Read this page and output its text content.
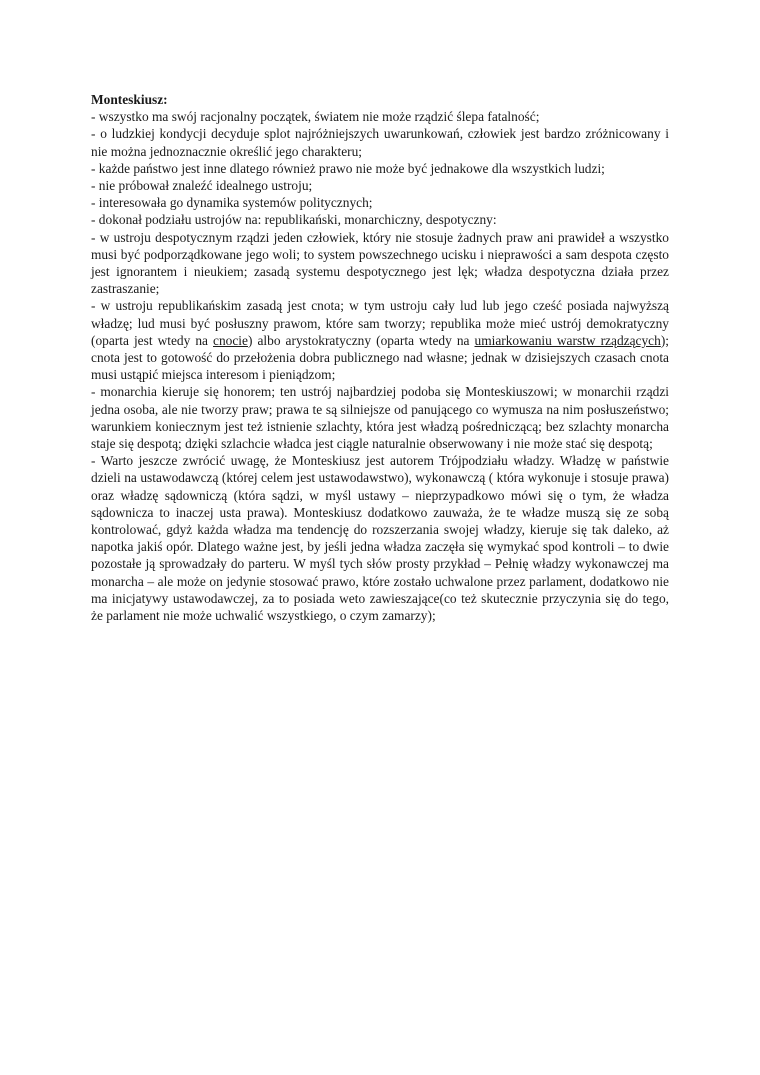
Monteskiusz:

- wszystko ma swój racjonalny początek, światem nie może rządzić ślepa fatalność;

- o ludzkiej kondycji decyduje splot najróżniejszych uwarunkowań, człowiek jest bardzo zróżnicowany i nie można jednoznacznie określić jego charakteru;

- każde państwo jest inne dlatego również prawo nie może być jednakowe dla wszystkich ludzi;

- nie próbował znaleźć idealnego ustroju;

- interesowała go dynamika systemów politycznych;

- dokonał podziału ustrojów na: republikański, monarchiczny, despotyczny:

- w ustroju despotycznym rządzi jeden człowiek, który nie stosuje żadnych praw ani prawideł a wszystko musi być podporządkowane jego woli; to system powszechnego ucisku i nieprawości a sam despota często jest ignorantem i nieukiem; zasadą systemu despotycznego jest lęk; władza despotyczna działa przez zastraszanie;

- w ustroju republikańskim zasadą jest cnota; w tym ustroju cały lud lub jego cześć posiada najwyższą władzę; lud musi być posłuszny prawom, które sam tworzy; republika może mieć ustrój demokratyczny (oparta jest wtedy na cnocie) albo arystokratyczny (oparta wtedy na umiarkowaniu warstw rządzących); cnota jest to gotowość do przełożenia dobra publicznego nad własne; jednak w dzisiejszych czasach cnota musi ustąpić miejsca interesom i pieniądzom;

- monarchia kieruje się honorem; ten ustrój najbardziej podoba się Monteskiuszowi; w monarchii rządzi jedna osoba, ale nie tworzy praw; prawa te są silniejsze od panującego co wymusza na nim posłuszeństwo; warunkiem koniecznym jest też istnienie szlachty, która jest władzą pośredniczącą; bez szlachty monarcha staje się despotą; dzięki szlachcie władca jest ciągle naturalnie obserwowany i nie może stać się despotą;

- Warto jeszcze zwrócić uwagę, że Monteskiusz jest autorem Trójpodziału władzy. Władzę w państwie dzieli na ustawodawczą (której celem jest ustawodawstwo), wykonawczą ( która wykonuje i stosuje prawa) oraz władzę sądowniczą (która sądzi, w myśl ustawy – nieprzypadkowo mówi się o tym, że władza sądownicza to inaczej usta prawa). Monteskiusz dodatkowo zauważa, że te władze muszą się ze sobą kontrolować, gdyż każda władza ma tendencję do rozszerzania swojej władzy, kieruje się tak daleko, aż napotka jakiś opór. Dlatego ważne jest, by jeśli jedna władza zaczęła się wymykać spod kontroli – to dwie pozostałe ją sprowadzały do parteru. W myśl tych słów prosty przykład – Pełnię władzy wykonawczej ma monarcha – ale może on jedynie stosować prawo, które zostało uchwalone przez parlament, dodatkowo nie ma inicjatywy ustawodawczej, za to posiada weto zawieszające(co też skutecznie przyczynia się do tego, że parlament nie może uchwalić wszystkiego, o czym zamarzy);
